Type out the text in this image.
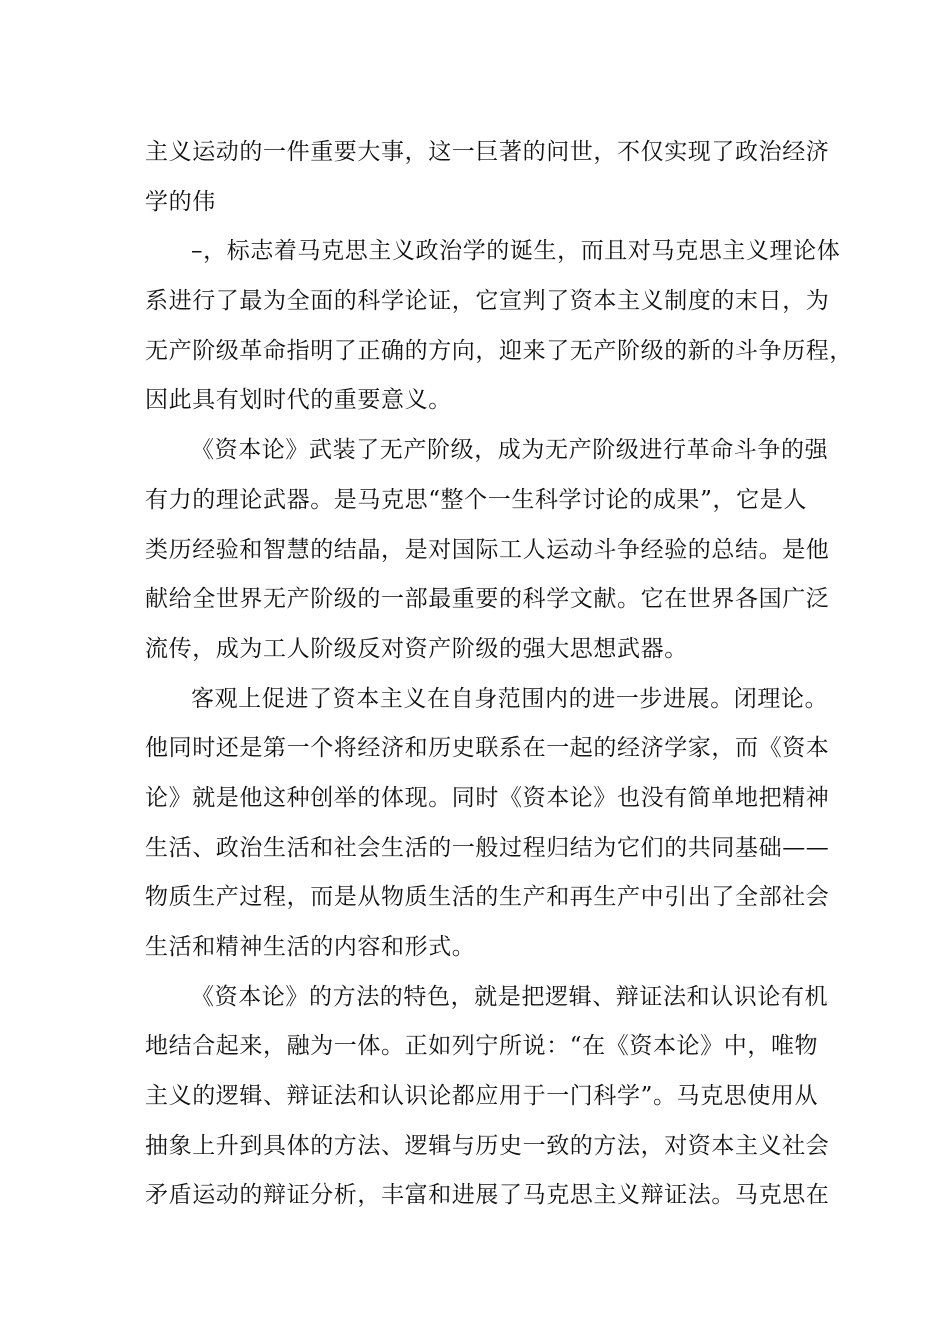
主义运动的一件重要大事，这一巨著的问世，不仅实现了政治经济
学的伟
–，标志着马克思主义政治学的诞生，而且对马克思主义理论体
系进行了最为全面的科学论证，它宣判了资本主义制度的末日，为
无产阶级革命指明了正确的方向，迎来了无产阶级的新的斗争历程，
因此具有划时代的重要意义。
《资本论》武装了无产阶级，成为无产阶级进行革命斗争的强
有力的理论武器。是马克思“整个一生科学讨论的成果”，它是人
类历经验和智慧的结晶，是对国际工人运动斗争经验的总结。是他
献给全世界无产阶级的一部最重要的科学文献。它在世界各国广泛
流传，成为工人阶级反对资产阶级的强大思想武器。
客观上促进了资本主义在自身范围内的进一步进展。闭理论。
他同时还是第一个将经济和历史联系在一起的经济学家，而《资本
论》就是他这种创举的体现。同时《资本论》也没有简单地把精神
生活、政治生活和社会生活的一般过程归结为它们的共同基础——
物质生产过程，而是从物质生活的生产和再生产中引出了全部社会
生活和精神生活的内容和形式。
《资本论》的方法的特色，就是把逻辑、辩证法和认识论有机
地结合起来，融为一体。正如列宁所说：“在《资本论》中，唯物
主义的逻辑、辩证法和认识论都应用于一门科学”。马克思使用从
抽象上升到具体的方法、逻辑与历史一致的方法，对资本主义社会
矛盾运动的辩证分析，丰富和进展了马克思主义辩证法。马克思在
